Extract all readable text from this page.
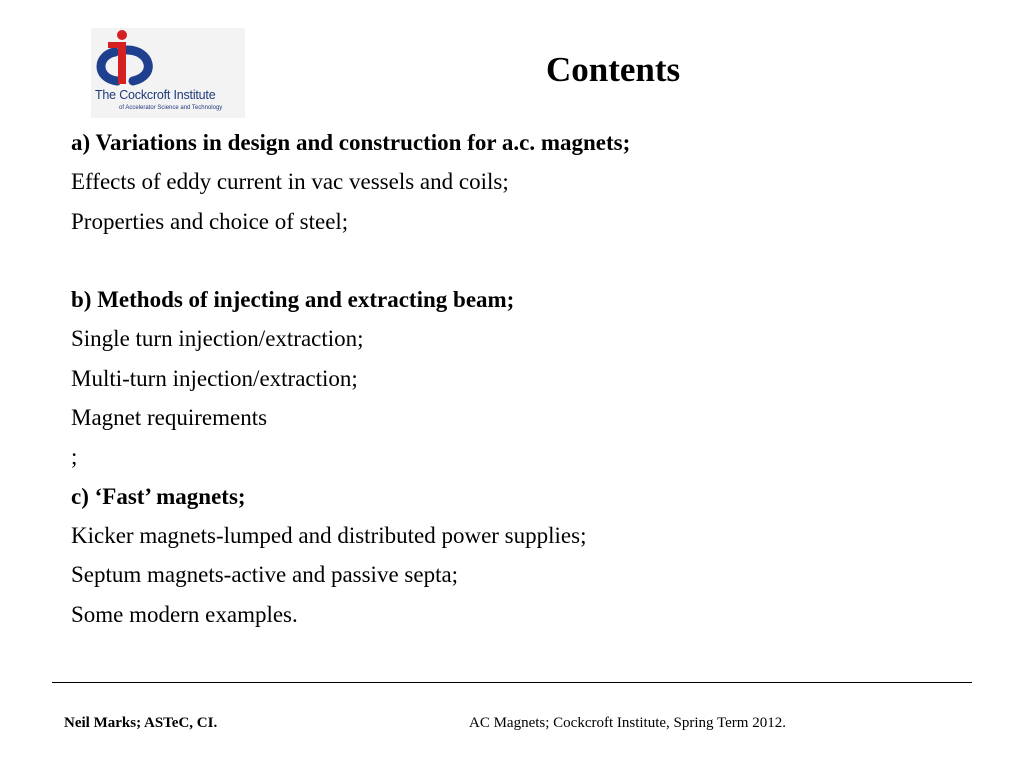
The Cockcroft Institute
of Accelerator Science and Technology
Contents
a) Variations in design and construction for a.c. magnets;
Effects of eddy current in vac vessels and coils;
Properties and choice of steel;
b) Methods of injecting and extracting beam;
Single turn injection/extraction;
Multi-turn injection/extraction;
Magnet requirements
;
c) ‘Fast’ magnets;
Kicker magnets-lumped and distributed power supplies;
Septum magnets-active and passive septa;
Some modern examples.
Neil Marks; ASTeC, CI.	AC Magnets; Cockcroft Institute, Spring Term 2012.
